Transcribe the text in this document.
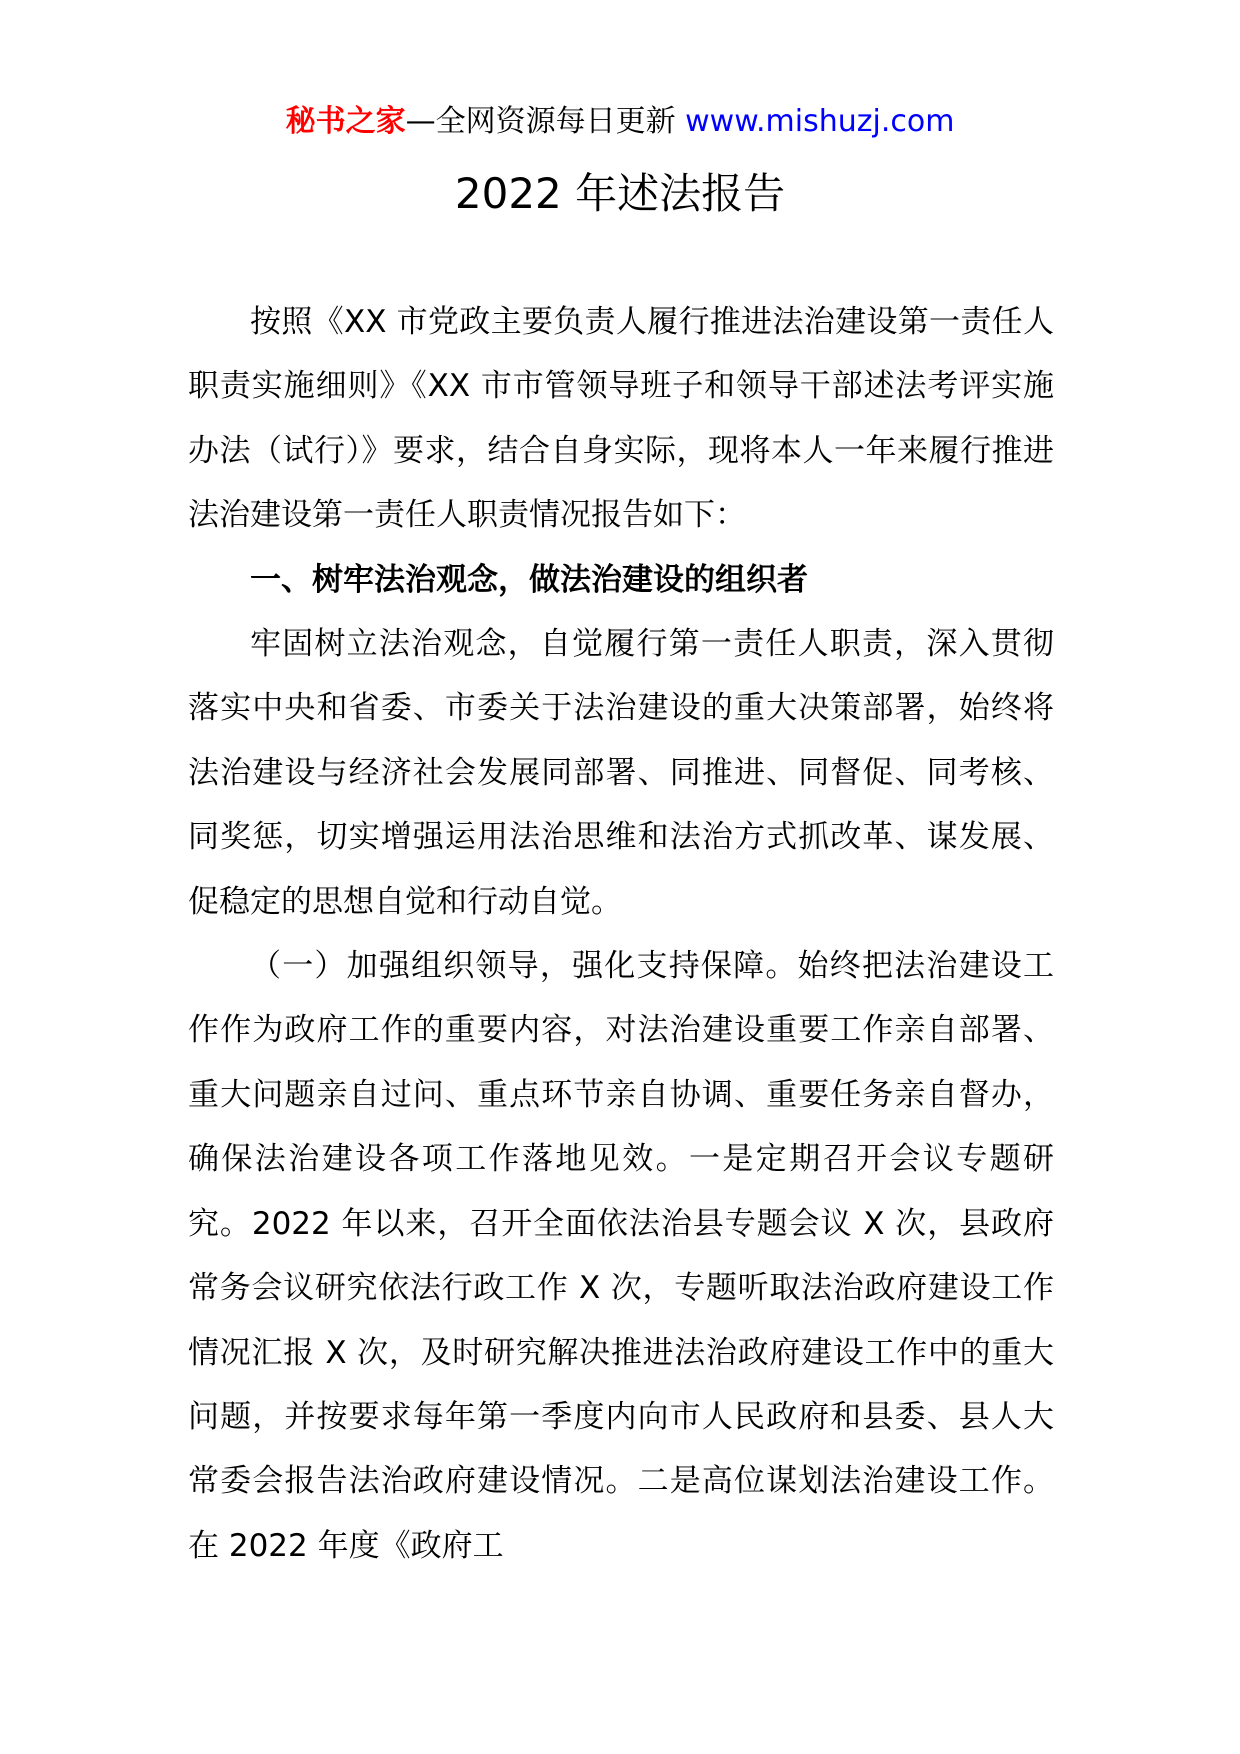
秘书之家—全网资源每日更新 www.mishuzj.com
2022 年述法报告

按照《XX 市党政主要负责人履行推进法治建设第一责任人职责实施细则》《XX 市市管领导班子和领导干部述法考评实施办法（试行）》要求，结合自身实际，现将本人一年来履行推进法治建设第一责任人职责情况报告如下：

一、树牢法治观念，做法治建设的组织者

牢固树立法治观念，自觉履行第一责任人职责，深入贯彻落实中央和省委、市委关于法治建设的重大决策部署，始终将法治建设与经济社会发展同部署、同推进、同督促、同考核、同奖惩，切实增强运用法治思维和法治方式抓改革、谋发展、促稳定的思想自觉和行动自觉。

（一）加强组织领导，强化支持保障。始终把法治建设工作作为政府工作的重要内容，对法治建设重要工作亲自部署、重大问题亲自过问、重点环节亲自协调、重要任务亲自督办，确保法治建设各项工作落地见效。一是定期召开会议专题研究。2022 年以来，召开全面依法治县专题会议 X 次，县政府常务会议研究依法行政工作 X 次，专题听取法治政府建设工作情况汇报 X 次，及时研究解决推进法治政府建设工作中的重大问题，并按要求每年第一季度内向市人民政府和县委、县人大常委会报告法治政府建设情况。二是高位谋划法治建设工作。在 2022 年度《政府工
